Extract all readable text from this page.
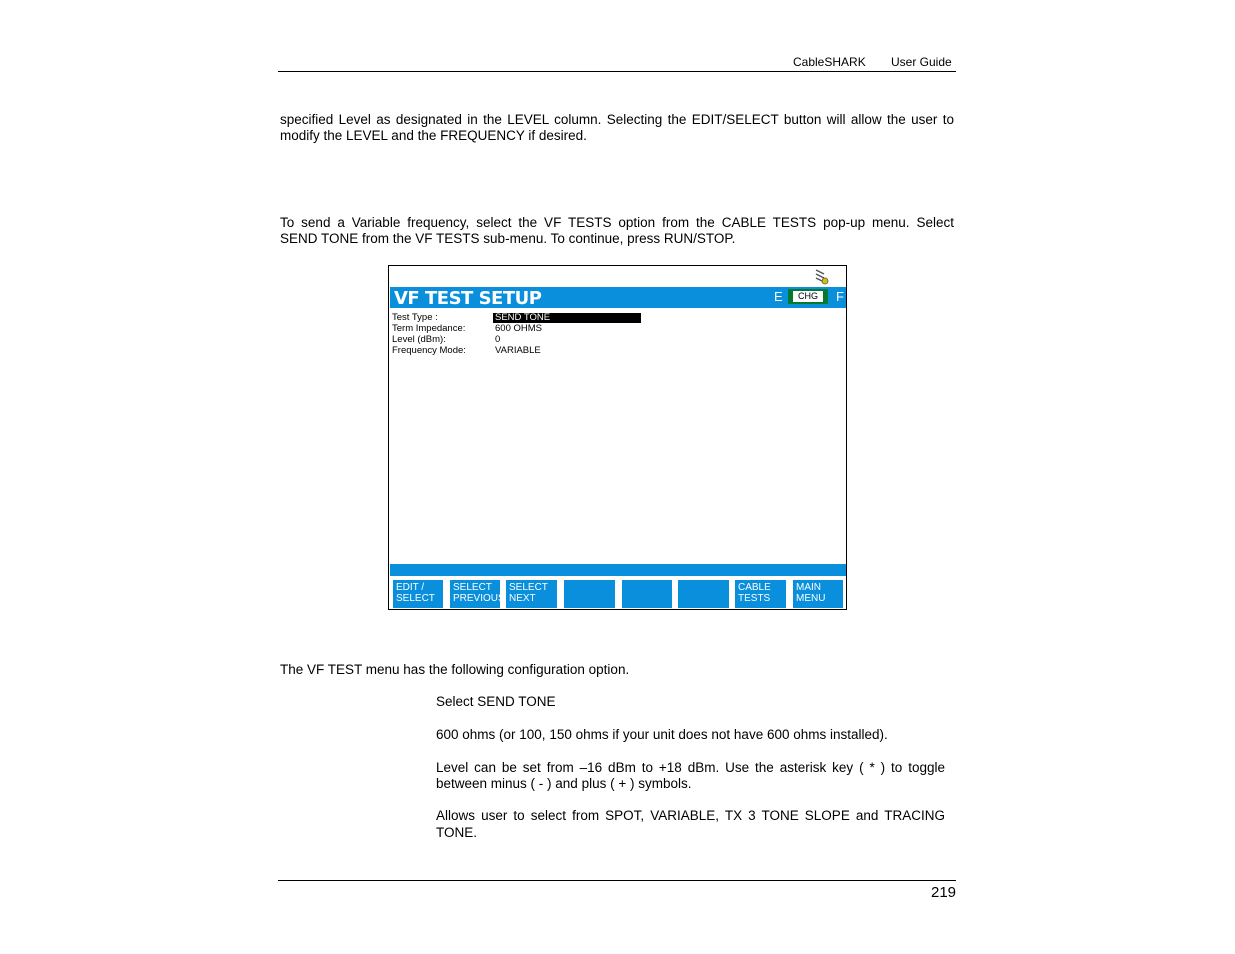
CableSHARK User Guide
specified Level as designated in the LEVEL column. Selecting the EDIT/SELECT button will allow the user to
modify the LEVEL and the FREQUENCY if desired.
To send a Variable frequency, select the VF TESTS option from the CABLE TESTS pop-up menu. Select
SEND TONE from the VF TESTS sub-menu. To continue, press RUN/STOP.
VF TEST SETUP	E	CHG	F
Test Type :	SEND TONE
Term Impedance:	600 OHMS
Level (dBm):	0
Frequency Mode:	VARIABLE
EDIT /
SELECT
SELECT
PREVIOUS
SELECT
NEXT
CABLE
TESTS
MAIN
MENU
The VF TEST menu has the following configuration option.
Select SEND TONE
600 ohms (or 100, 150 ohms if your unit does not have 600 ohms installed).
Level can be set from –16 dBm to +18 dBm. Use the asterisk key ( * ) to toggle
between minus ( - ) and plus ( + ) symbols.
Allows user to select from SPOT, VARIABLE, TX 3 TONE SLOPE and TRACING
TONE.
219
